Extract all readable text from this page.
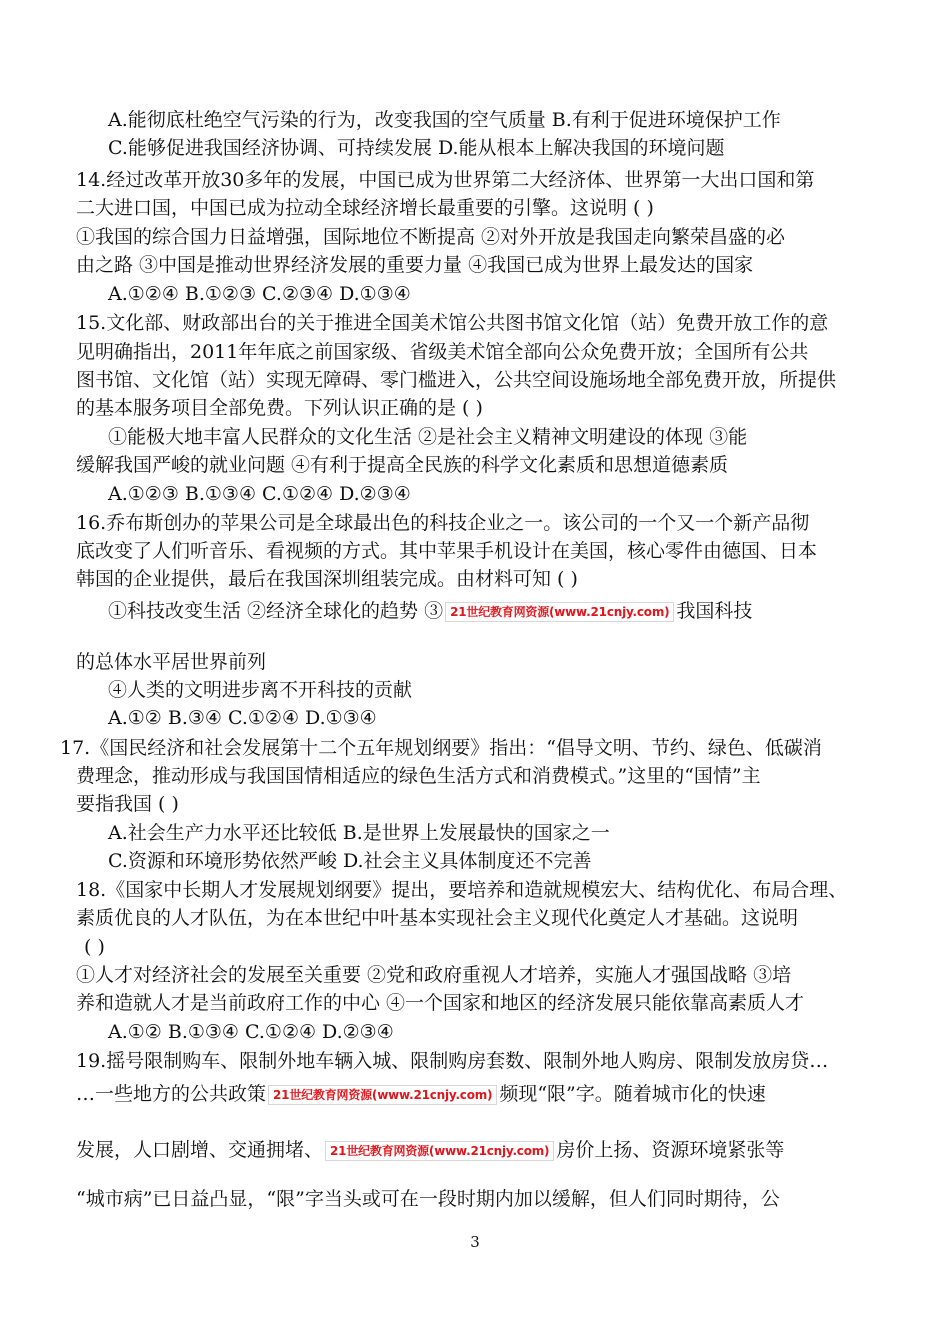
A.能彻底杜绝空气污染的行为，改变我国的空气质量 B.有利于促进环境保护工作
C.能够促进我国经济协调、可持续发展 D.能从根本上解决我国的环境问题
14.经过改革开放30多年的发展，中国已成为世界第二大经济体、世界第一大出口国和第
二大进口国，中国已成为拉动全球经济增长最重要的引擎。这说明 ( )
①我国的综合国力日益增强，国际地位不断提高 ②对外开放是我国走向繁荣昌盛的必
由之路 ③中国是推动世界经济发展的重要力量 ④我国已成为世界上最发达的国家
A.①②④ B.①②③ C.②③④ D.①③④
15.文化部、财政部出台的关于推进全国美术馆公共图书馆文化馆（站）免费开放工作的意
见明确指出，2011年年底之前国家级、省级美术馆全部向公众免费开放；全国所有公共
图书馆、文化馆（站）实现无障碍、零门槛进入，公共空间设施场地全部免费开放，所提供
的基本服务项目全部免费。下列认识正确的是 ( )
①能极大地丰富人民群众的文化生活 ②是社会主义精神文明建设的体现 ③能
缓解我国严峻的就业问题 ④有利于提高全民族的科学文化素质和思想道德素质
A.①②③ B.①③④ C.①②④ D.②③④
16.乔布斯创办的苹果公司是全球最出色的科技企业之一。该公司的一个又一个新产品彻
底改变了人们听音乐、看视频的方式。其中苹果手机设计在美国，核心零件由德国、日本
韩国的企业提供，最后在我国深圳组装完成。由材料可知 ( )
①科技改变生活 ②经济全球化的趋势 ③ 21世纪教育网资源(www.21cnjy.com) 我国科技
的总体水平居世界前列
④人类的文明进步离不开科技的贡献
A.①② B.③④ C.①②④ D.①③④
17.《国民经济和社会发展第十二个五年规划纲要》指出：“倡导文明、节约、绿色、低碳消
费理念，推动形成与我国国情相适应的绿色生活方式和消费模式。”这里的“国情”主
要指我国 ( )
A.社会生产力水平还比较低 B.是世界上发展最快的国家之一
C.资源和环境形势依然严峻 D.社会主义具体制度还不完善
18.《国家中长期人才发展规划纲要》提出，要培养和造就规模宏大、结构优化、布局合理、
素质优良的人才队伍，为在本世纪中叶基本实现社会主义现代化奠定人才基础。这说明
( )
①人才对经济社会的发展至关重要 ②党和政府重视人才培养，实施人才强国战略 ③培
养和造就人才是当前政府工作的中心 ④一个国家和地区的经济发展只能依靠高素质人才
A.①② B.①③④ C.①②④ D.②③④
19.摇号限制购车、限制外地车辆入城、限制购房套数、限制外地人购房、限制发放房贷…
…一些地方的公共政策 21世纪教育网资源(www.21cnjy.com) 频现“限”字。随着城市化的快速
发展，人口剧增、交通拥堵、 21世纪教育网资源(www.21cnjy.com) 房价上扬、资源环境紧张等
“城市病”已日益凸显，“限”字当头或可在一段时期内加以缓解，但人们同时期待，公
3
